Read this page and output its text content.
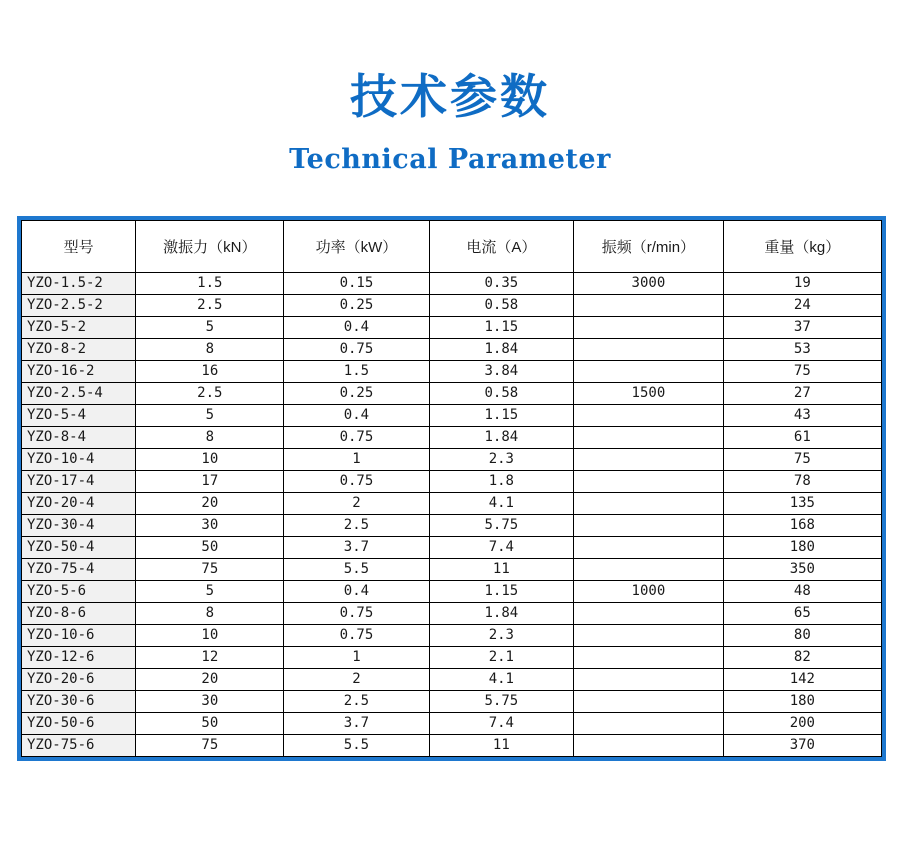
技术参数
Technical Parameter
型号	激振力（kN）	功率（kW）	电流（A）	振频（r/min）	重量（kg）
YZO-1.5-2	1.5	0.15	0.35	3000	19
YZO-2.5-2	2.5	0.25	0.58		24
YZO-5-2	5	0.4	1.15		37
YZO-8-2	8	0.75	1.84		53
YZO-16-2	16	1.5	3.84		75
YZO-2.5-4	2.5	0.25	0.58	1500	27
YZO-5-4	5	0.4	1.15		43
YZO-8-4	8	0.75	1.84		61
YZO-10-4	10	1	2.3		75
YZO-17-4	17	0.75	1.8		78
YZO-20-4	20	2	4.1		135
YZO-30-4	30	2.5	5.75		168
YZO-50-4	50	3.7	7.4		180
YZO-75-4	75	5.5	11		350
YZO-5-6	5	0.4	1.15	1000	48
YZO-8-6	8	0.75	1.84		65
YZO-10-6	10	0.75	2.3		80
YZO-12-6	12	1	2.1		82
YZO-20-6	20	2	4.1		142
YZO-30-6	30	2.5	5.75		180
YZO-50-6	50	3.7	7.4		200
YZO-75-6	75	5.5	11		370
